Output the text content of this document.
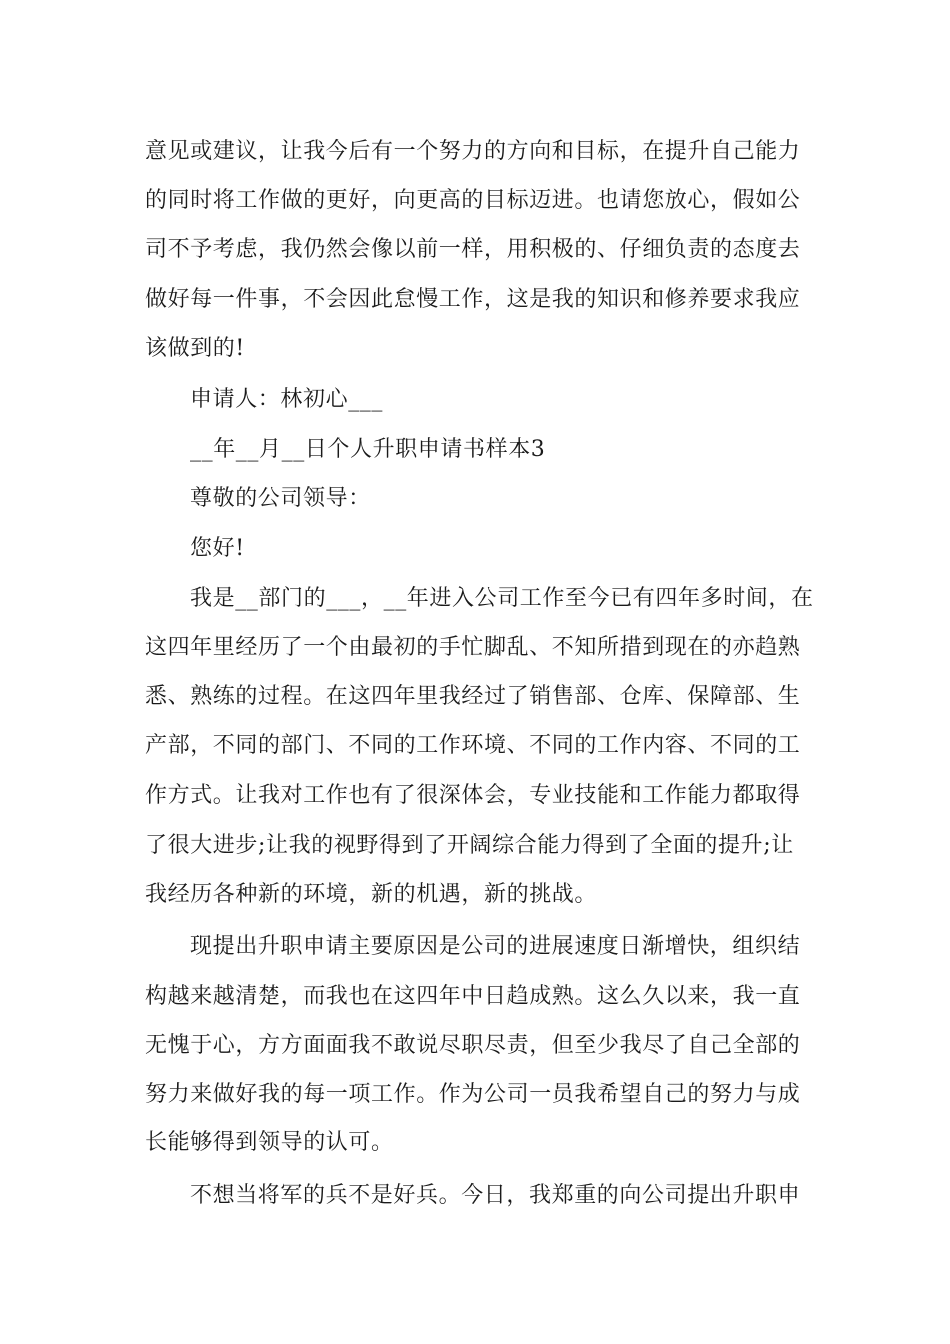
意见或建议，让我今后有一个努力的方向和目标，在提升自己能力
的同时将工作做的更好，向更高的目标迈进。也请您放心，假如公
司不予考虑，我仍然会像以前一样，用积极的、仔细负责的态度去
做好每一件事，不会因此怠慢工作，这是我的知识和修养要求我应
该做到的!
申请人：林初心___
__年__月__日个人升职申请书样本3
尊敬的公司领导：
您好!
我是__部门的___，__年进入公司工作至今已有四年多时间，在
这四年里经历了一个由最初的手忙脚乱、不知所措到现在的亦趋熟
悉、熟练的过程。在这四年里我经过了销售部、仓库、保障部、生
产部，不同的部门、不同的工作环境、不同的工作内容、不同的工
作方式。让我对工作也有了很深体会，专业技能和工作能力都取得
了很大进步;让我的视野得到了开阔综合能力得到了全面的提升;让
我经历各种新的环境，新的机遇，新的挑战。
现提出升职申请主要原因是公司的进展速度日渐增快，组织结
构越来越清楚，而我也在这四年中日趋成熟。这么久以来，我一直
无愧于心，方方面面我不敢说尽职尽责，但至少我尽了自己全部的
努力来做好我的每一项工作。作为公司一员我希望自己的努力与成
长能够得到领导的认可。
不想当将军的兵不是好兵。今日，我郑重的向公司提出升职申
